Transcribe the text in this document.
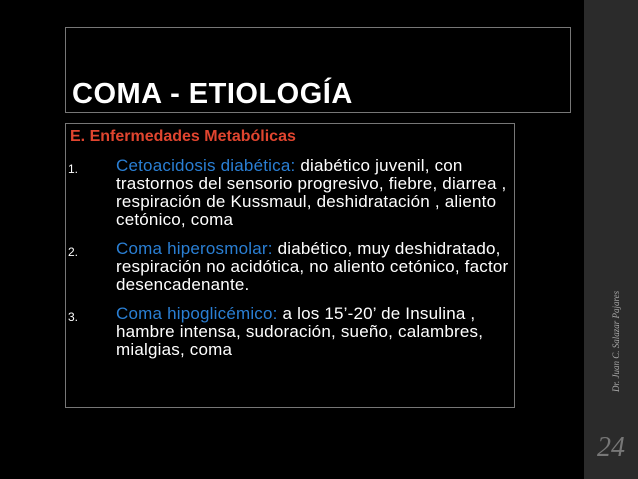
COMA - ETIOLOGÍA
E. Enfermedades Metabólicas
1. Cetoacidosis diabética: diabético juvenil, con trastornos del sensorio progresivo, fiebre, diarrea , respiración de Kussmaul, deshidratación , aliento cetónico, coma
2. Coma hiperosmolar: diabético, muy deshidratado, respiración no acidótica, no aliento cetónico, factor desencadenante.
3. Coma hipoglicémico: a los 15’-20’ de Insulina , hambre intensa, sudoración, sueño, calambres, mialgias, coma	Dr. Juan C. Salazar Pajares
24
